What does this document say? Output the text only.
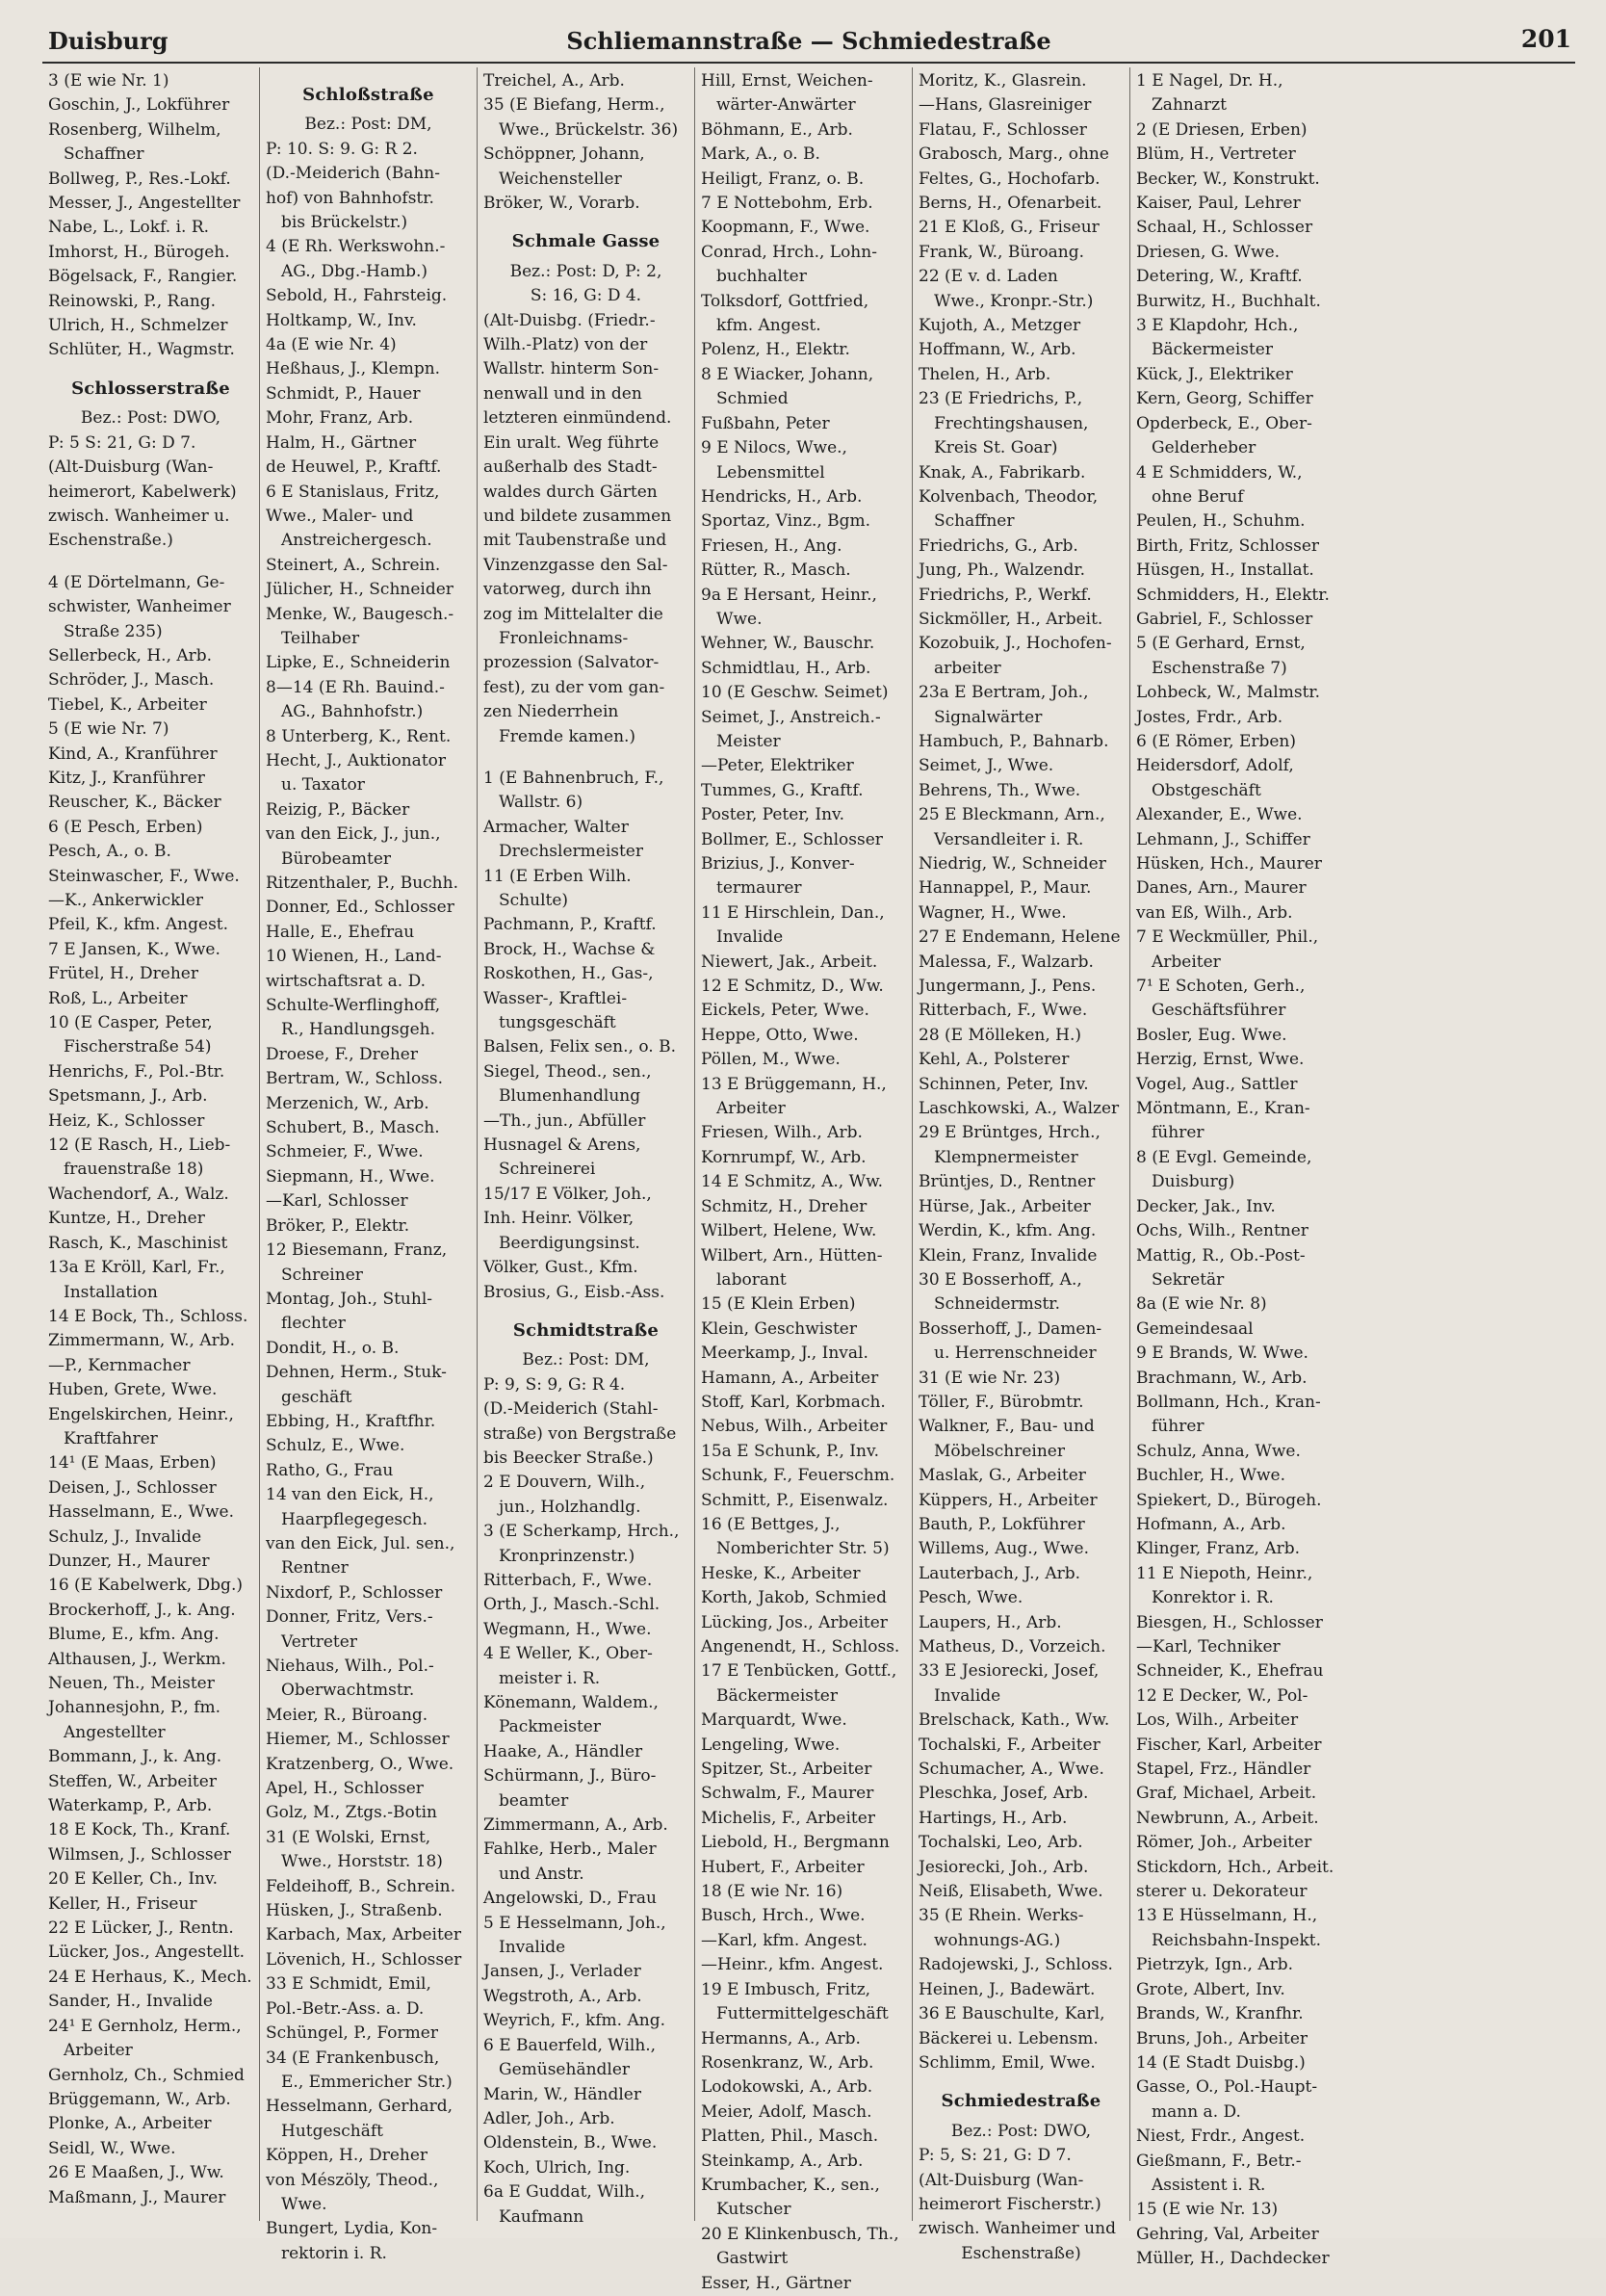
Duisburg	Schliemannstraße — Schmiedestraße	201
3 (E wie Nr. 1)
Goschin, J., Lokführer
Rosenberg, Wilhelm,
Schaffner
Bollweg, P., Res.-Lokf.
Messer, J., Angestellter
Nabe, L., Lokf. i. R.
Imhorst, H., Bürogeh.
Bögelsack, F., Rangier.
Reinowski, P., Rang.
Ulrich, H., Schmelzer
Schlüter, H., Wagmstr.
Schlosserstraße
Bez.: Post: DWO,
P: 5 S: 21, G: D 7.
(Alt-Duisburg (Wan-
heimerort, Kabelwerk)
zwisch. Wanheimer u.
Eschenstraße.)
4 (E Dörtelmann, Ge-
schwister, Wanheimer
Straße 235)
Sellerbeck, H., Arb.
Schröder, J., Masch.
Tiebel, K., Arbeiter
5 (E wie Nr. 7)
Kind, A., Kranführer
Kitz, J., Kranführer
Reuscher, K., Bäcker
6 (E Pesch, Erben)
Pesch, A., o. B.
Steinwascher, F., Wwe.
—K., Ankerwickler
Pfeil, K., kfm. Angest.
7 E Jansen, K., Wwe.
Frütel, H., Dreher
Roß, L., Arbeiter
10 (E Casper, Peter,
Fischerstraße 54)
Henrichs, F., Pol.-Btr.
Spetsmann, J., Arb.
Heiz, K., Schlosser
12 (E Rasch, H., Lieb-
frauenstraße 18)
Wachendorf, A., Walz.
Kuntze, H., Dreher
Rasch, K., Maschinist
13a E Kröll, Karl, Fr.,
Installation
14 E Bock, Th., Schloss.
Zimmermann, W., Arb.
—P., Kernmacher
Huben, Grete, Wwe.
Engelskirchen, Heinr.,
Kraftfahrer
14¹ (E Maas, Erben)
Deisen, J., Schlosser
Hasselmann, E., Wwe.
Schulz, J., Invalide
Dunzer, H., Maurer
16 (E Kabelwerk, Dbg.)
Brockerhoff, J., k. Ang.
Blume, E., kfm. Ang.
Althausen, J., Werkm.
Neuen, Th., Meister
Johannesjohn, P., fm.
Angestellter
Bommann, J., k. Ang.
Steffen, W., Arbeiter
Waterkamp, P., Arb.
18 E Kock, Th., Kranf.
Wilmsen, J., Schlosser
20 E Keller, Ch., Inv.
Keller, H., Friseur
22 E Lücker, J., Rentn.
Lücker, Jos., Angestellt.
24 E Herhaus, K., Mech.
Sander, H., Invalide
24¹ E Gernholz, Herm.,
Arbeiter
Gernholz, Ch., Schmied
Brüggemann, W., Arb.
Plonke, A., Arbeiter
Seidl, W., Wwe.
26 E Maaßen, J., Ww.
Maßmann, J., Maurer
Schloßstraße
Bez.: Post: DM,
P: 10. S: 9. G: R 2.
(D.-Meiderich (Bahn-
hof) von Bahnhofstr.
bis Brückelstr.)
4 (E Rh. Werkswohn.-
AG., Dbg.-Hamb.)
Sebold, H., Fahrsteig.
Holtkamp, W., Inv.
4a (E wie Nr. 4)
Heßhaus, J., Klempn.
Schmidt, P., Hauer
Mohr, Franz, Arb.
Halm, H., Gärtner
de Heuwel, P., Kraftf.
6 E Stanislaus, Fritz,
Wwe., Maler- und
Anstreichergesch.
Steinert, A., Schrein.
Jülicher, H., Schneider
Menke, W., Baugesch.-
Teilhaber
Lipke, E., Schneiderin
8—14 (E Rh. Bauind.-
AG., Bahnhofstr.)
8 Unterberg, K., Rent.
Hecht, J., Auktionator
u. Taxator
Reizig, P., Bäcker
van den Eick, J., jun.,
Bürobeamter
Ritzenthaler, P., Buchh.
Donner, Ed., Schlosser
Halle, E., Ehefrau
10 Wienen, H., Land-
wirtschaftsrat a. D.
Schulte-Werflinghoff,
R., Handlungsgeh.
Droese, F., Dreher
Bertram, W., Schloss.
Merzenich, W., Arb.
Schubert, B., Masch.
Schmeier, F., Wwe.
Siepmann, H., Wwe.
—Karl, Schlosser
Bröker, P., Elektr.
12 Biesemann, Franz,
Schreiner
Montag, Joh., Stuhl-
flechter
Dondit, H., o. B.
Dehnen, Herm., Stuk-
geschäft
Ebbing, H., Kraftfhr.
Schulz, E., Wwe.
Ratho, G., Frau
14 van den Eick, H.,
Haarpflegegesch.
van den Eick, Jul. sen.,
Rentner
Nixdorf, P., Schlosser
Donner, Fritz, Vers.-
Vertreter
Niehaus, Wilh., Pol.-
Oberwachtmstr.
Meier, R., Büroang.
Hiemer, M., Schlosser
Kratzenberg, O., Wwe.
Apel, H., Schlosser
Golz, M., Ztgs.-Botin
31 (E Wolski, Ernst,
Wwe., Horststr. 18)
Feldeihoff, B., Schrein.
Hüsken, J., Straßenb.
Karbach, Max, Arbeiter
Lövenich, H., Schlosser
33 E Schmidt, Emil,
Pol.-Betr.-Ass. a. D.
Schüngel, P., Former
34 (E Frankenbusch,
E., Emmericher Str.)
Hesselmann, Gerhard,
Hutgeschäft
Köppen, H., Dreher
von Mészöly, Theod.,
Wwe.
Bungert, Lydia, Kon-
rektorin i. R.
Treichel, A., Arb.
35 (E Biefang, Herm.,
Wwe., Brückelstr. 36)
Schöppner, Johann,
Weichensteller
Bröker, W., Vorarb.
Schmale Gasse
Bez.: Post: D, P: 2,
S: 16, G: D 4.
(Alt-Duisbg. (Friedr.-
Wilh.-Platz) von der
Wallstr. hinterm Son-
nenwall und in den
letzteren einmündend.
Ein uralt. Weg führte
außerhalb des Stadt-
waldes durch Gärten
und bildete zusammen
mit Taubenstraße und
Vinzenzgasse den Sal-
vatorweg, durch ihn
zog im Mittelalter die
Fronleichnams-
prozession (Salvator-
fest), zu der vom gan-
zen Niederrhein
Fremde kamen.)
1 (E Bahnenbruch, F.,
Wallstr. 6)
Armacher, Walter
Drechslermeister
11 (E Erben Wilh.
Schulte)
Pachmann, P., Kraftf.
Brock, H., Wachse &
Roskothen, H., Gas-,
Wasser-, Kraftlei-
tungsgeschäft
Balsen, Felix sen., o. B.
Siegel, Theod., sen.,
Blumenhandlung
—Th., jun., Abfüller
Husnagel & Arens,
Schreinerei
15/17 E Völker, Joh.,
Inh. Heinr. Völker,
Beerdigungsinst.
Völker, Gust., Kfm.
Brosius, G., Eisb.-Ass.
Schmidtstraße
Bez.: Post: DM,
P: 9, S: 9, G: R 4.
(D.-Meiderich (Stahl-
straße) von Bergstraße
bis Beecker Straße.)
2 E Douvern, Wilh.,
jun., Holzhandlg.
3 (E Scherkamp, Hrch.,
Kronprinzenstr.)
Ritterbach, F., Wwe.
Orth, J., Masch.-Schl.
Wegmann, H., Wwe.
4 E Weller, K., Ober-
meister i. R.
Könemann, Waldem.,
Packmeister
Haake, A., Händler
Schürmann, J., Büro-
beamter
Zimmermann, A., Arb.
Fahlke, Herb., Maler
und Anstr.
Angelowski, D., Frau
5 E Hesselmann, Joh.,
Invalide
Jansen, J., Verlader
Wegstroth, A., Arb.
Weyrich, F., kfm. Ang.
6 E Bauerfeld, Wilh.,
Gemüsehändler
Marin, W., Händler
Adler, Joh., Arb.
Oldenstein, B., Wwe.
Koch, Ulrich, Ing.
6a E Guddat, Wilh.,
Kaufmann
Hill, Ernst, Weichen-
wärter-Anwärter
Böhmann, E., Arb.
Mark, A., o. B.
Heiligt, Franz, o. B.
7 E Nottebohm, Erb.
Koopmann, F., Wwe.
Conrad, Hrch., Lohn-
buchhalter
Tolksdorf, Gottfried,
kfm. Angest.
Polenz, H., Elektr.
8 E Wiacker, Johann,
Schmied
Fußbahn, Peter
9 E Nilocs, Wwe.,
Lebensmittel
Hendricks, H., Arb.
Sportaz, Vinz., Bgm.
Friesen, H., Ang.
Rütter, R., Masch.
9a E Hersant, Heinr.,
Wwe.
Wehner, W., Bauschr.
Schmidtlau, H., Arb.
10 (E Geschw. Seimet)
Seimet, J., Anstreich.-
Meister
—Peter, Elektriker
Tummes, G., Kraftf.
Poster, Peter, Inv.
Bollmer, E., Schlosser
Brizius, J., Konver-
termaurer
11 E Hirschlein, Dan.,
Invalide
Niewert, Jak., Arbeit.
12 E Schmitz, D., Ww.
Eickels, Peter, Wwe.
Heppe, Otto, Wwe.
Pöllen, M., Wwe.
13 E Brüggemann, H.,
Arbeiter
Friesen, Wilh., Arb.
Kornrumpf, W., Arb.
14 E Schmitz, A., Ww.
Schmitz, H., Dreher
Wilbert, Helene, Ww.
Wilbert, Arn., Hütten-
laborant
15 (E Klein Erben)
Klein, Geschwister
Meerkamp, J., Inval.
Hamann, A., Arbeiter
Stoff, Karl, Korbmach.
Nebus, Wilh., Arbeiter
15a E Schunk, P., Inv.
Schunk, F., Feuerschm.
Schmitt, P., Eisenwalz.
16 (E Bettges, J.,
Nomberichter Str. 5)
Heske, K., Arbeiter
Korth, Jakob, Schmied
Lücking, Jos., Arbeiter
Angenendt, H., Schloss.
17 E Tenbücken, Gottf.,
Bäckermeister
Marquardt, Wwe.
Lengeling, Wwe.
Spitzer, St., Arbeiter
Schwalm, F., Maurer
Michelis, F., Arbeiter
Liebold, H., Bergmann
Hubert, F., Arbeiter
18 (E wie Nr. 16)
Busch, Hrch., Wwe.
—Karl, kfm. Angest.
—Heinr., kfm. Angest.
19 E Imbusch, Fritz,
Futtermittelgeschäft
Hermanns, A., Arb.
Rosenkranz, W., Arb.
Lodokowski, A., Arb.
Meier, Adolf, Masch.
Platten, Phil., Masch.
Steinkamp, A., Arb.
Krumbacher, K., sen.,
Kutscher
20 E Klinkenbusch, Th.,
Gastwirt
Esser, H., Gärtner
Moritz, K., Glasrein.
—Hans, Glasreiniger
Flatau, F., Schlosser
Grabosch, Marg., ohne
Feltes, G., Hochofarb.
Berns, H., Ofenarbeit.
21 E Kloß, G., Friseur
Frank, W., Büroang.
22 (E v. d. Laden
Wwe., Kronpr.-Str.)
Kujoth, A., Metzger
Hoffmann, W., Arb.
Thelen, H., Arb.
23 (E Friedrichs, P.,
Frechtingshausen,
Kreis St. Goar)
Knak, A., Fabrikarb.
Kolvenbach, Theodor,
Schaffner
Friedrichs, G., Arb.
Jung, Ph., Walzendr.
Friedrichs, P., Werkf.
Sickmöller, H., Arbeit.
Kozobuik, J., Hochofen-
arbeiter
23a E Bertram, Joh.,
Signalwärter
Hambuch, P., Bahnarb.
Seimet, J., Wwe.
Behrens, Th., Wwe.
25 E Bleckmann, Arn.,
Versandleiter i. R.
Niedrig, W., Schneider
Hannappel, P., Maur.
Wagner, H., Wwe.
27 E Endemann, Helene
Malessa, F., Walzarb.
Jungermann, J., Pens.
Ritterbach, F., Wwe.
28 (E Mölleken, H.)
Kehl, A., Polsterer
Schinnen, Peter, Inv.
Laschkowski, A., Walzer
29 E Brüntges, Hrch.,
Klempnermeister
Brüntjes, D., Rentner
Hürse, Jak., Arbeiter
Werdin, K., kfm. Ang.
Klein, Franz, Invalide
30 E Bosserhoff, A.,
Schneidermstr.
Bosserhoff, J., Damen-
u. Herrenschneider
31 (E wie Nr. 23)
Töller, F., Bürobmtr.
Walkner, F., Bau- und
Möbelschreiner
Maslak, G., Arbeiter
Küppers, H., Arbeiter
Bauth, P., Lokführer
Willems, Aug., Wwe.
Lauterbach, J., Arb.
Pesch, Wwe.
Laupers, H., Arb.
Matheus, D., Vorzeich.
33 E Jesiorecki, Josef,
Invalide
Brelschack, Kath., Ww.
Tochalski, F., Arbeiter
Schumacher, A., Wwe.
Pleschka, Josef, Arb.
Hartings, H., Arb.
Tochalski, Leo, Arb.
Jesiorecki, Joh., Arb.
Neiß, Elisabeth, Wwe.
35 (E Rhein. Werks-
wohnungs-AG.)
Radojewski, J., Schloss.
Heinen, J., Badewärt.
36 E Bauschulte, Karl,
Bäckerei u. Lebensm.
Schlimm, Emil, Wwe.
Schmiedestraße
Bez.: Post: DWO,
P: 5, S: 21, G: D 7.
(Alt-Duisburg (Wan-
heimerort Fischerstr.)
zwisch. Wanheimer und
Eschenstraße)
1 E Nagel, Dr. H.,
Zahnarzt
2 (E Driesen, Erben)
Blüm, H., Vertreter
Becker, W., Konstrukt.
Kaiser, Paul, Lehrer
Schaal, H., Schlosser
Driesen, G. Wwe.
Detering, W., Kraftf.
Burwitz, H., Buchhalt.
3 E Klapdohr, Hch.,
Bäckermeister
Kück, J., Elektriker
Kern, Georg, Schiffer
Opderbeck, E., Ober-
Gelderheber
4 E Schmidders, W.,
ohne Beruf
Peulen, H., Schuhm.
Birth, Fritz, Schlosser
Hüsgen, H., Installat.
Schmidders, H., Elektr.
Gabriel, F., Schlosser
5 (E Gerhard, Ernst,
Eschenstraße 7)
Lohbeck, W., Malmstr.
Jostes, Frdr., Arb.
6 (E Römer, Erben)
Heidersdorf, Adolf,
Obstgeschäft
Alexander, E., Wwe.
Lehmann, J., Schiffer
Hüsken, Hch., Maurer
Danes, Arn., Maurer
van Eß, Wilh., Arb.
7 E Weckmüller, Phil.,
Arbeiter
7¹ E Schoten, Gerh.,
Geschäftsführer
Bosler, Eug. Wwe.
Herzig, Ernst, Wwe.
Vogel, Aug., Sattler
Möntmann, E., Kran-
führer
8 (E Evgl. Gemeinde,
Duisburg)
Decker, Jak., Inv.
Ochs, Wilh., Rentner
Mattig, R., Ob.-Post-
Sekretär
8a (E wie Nr. 8)
Gemeindesaal
9 E Brands, W. Wwe.
Brachmann, W., Arb.
Bollmann, Hch., Kran-
führer
Schulz, Anna, Wwe.
Buchler, H., Wwe.
Spiekert, D., Bürogeh.
Hofmann, A., Arb.
Klinger, Franz, Arb.
11 E Niepoth, Heinr.,
Konrektor i. R.
Biesgen, H., Schlosser
—Karl, Techniker
Schneider, K., Ehefrau
12 E Decker, W., Pol-
Los, Wilh., Arbeiter
Fischer, Karl, Arbeiter
Stapel, Frz., Händler
Graf, Michael, Arbeit.
Newbrunn, A., Arbeit.
Römer, Joh., Arbeiter
Stickdorn, Hch., Arbeit.
sterer u. Dekorateur
13 E Hüsselmann, H.,
Reichsbahn-Inspekt.
Pietrzyk, Ign., Arb.
Grote, Albert, Inv.
Brands, W., Kranfhr.
Bruns, Joh., Arbeiter
14 (E Stadt Duisbg.)
Gasse, O., Pol.-Haupt-
mann a. D.
Niest, Frdr., Angest.
Gießmann, F., Betr.-
Assistent i. R.
15 (E wie Nr. 13)
Gehring, Val, Arbeiter
Müller, H., Dachdecker
